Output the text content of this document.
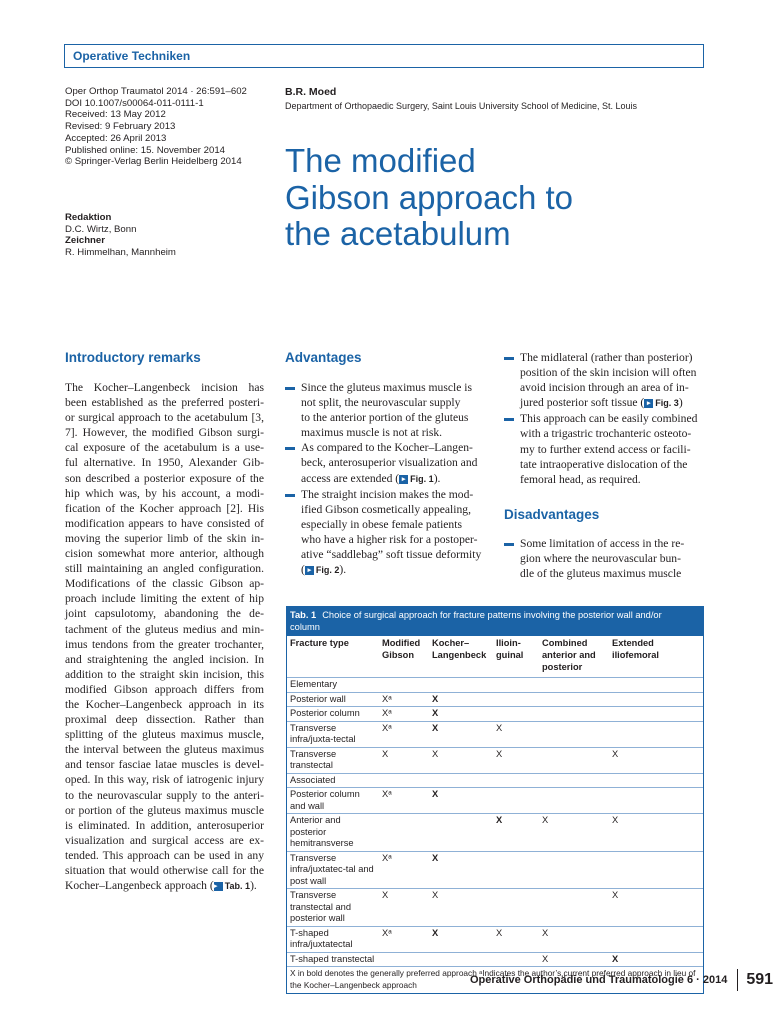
Operative Techniken
Oper Orthop Traumatol 2014 · 26:591–602
DOI 10.1007/s00064-011-0111-1
Received: 13 May 2012
Revised: 9 February 2013
Accepted: 26 April 2013
Published online: 15. November 2014
© Springer-Verlag Berlin Heidelberg 2014
Redaktion
D.C. Wirtz, Bonn
Zeichner
R. Himmelhan, Mannheim
B.R. Moed
Department of Orthopaedic Surgery, Saint Louis University School of Medicine, St. Louis
The modified
Gibson approach to
the acetabulum
Introductory remarks
The Kocher–Langenbeck incision has
been established as the preferred posteri-
or surgical approach to the acetabulum [3,
7]. However, the modified Gibson surgi-
cal exposure of the acetabulum is a use-
ful alternative. In 1950, Alexander Gib-
son described a posterior exposure of the
hip which was, by his account, a modi-
fication of the Kocher approach [2]. His
modification appears to have consisted of
moving the superior limb of the skin in-
cision somewhat more anterior, although
still maintaining an angled configuration.
Modifications of the classic Gibson ap-
proach include limiting the extent of hip
joint capsulotomy, abandoning the de-
tachment of the gluteus medius and min-
imus tendons from the greater trochanter,
and straightening the angled incision. In
addition to the straight skin incision, this
modified Gibson approach differs from
the Kocher–Langenbeck approach in its
proximal deep dissection. Rather than
splitting of the gluteus maximus muscle,
the interval between the gluteus maximus
and tensor fasciae latae muscles is devel-
oped. In this way, risk of iatrogenic injury
to the neurovascular supply to the anteri-
or portion of the gluteus maximus muscle
is eliminated. In addition, anterosuperior
visualization and surgical access are ex-
tended. This approach can be used in any
situation that would otherwise call for the
Kocher–Langenbeck approach (▸ Tab. 1).
Advantages
Since the gluteus maximus muscle is
not split, the neurovascular supply
to the anterior portion of the gluteus
maximus muscle is not at risk.
As compared to the Kocher–Langen-
beck, anterosuperior visualization and
access are extended ( ▸ Fig. 1).
The straight incision makes the mod-
ified Gibson cosmetically appealing,
especially in obese female patients
who have a higher risk for a postoper-
ative “saddlebag” soft tissue deformity
( ▸ Fig. 2).
The midlateral (rather than posterior)
position of the skin incision will often
avoid incision through an area of in-
jured posterior soft tissue ( ▸ Fig. 3)
This approach can be easily combined
with a trigastric trochanteric osteoto-
my to further extend access or facili-
tate intraoperative dislocation of the
femoral head, as required.
Disadvantages
Some limitation of access in the re-
gion where the neurovascular bun-
dle of the gluteus maximus muscle
Tab. 1 Choice of surgical approach for fracture patterns involving the posterior wall and/or
column
Fracture type	Modified Gibson	Kocher–Langenbeck	Ilioin-guinal	Combined anterior and posterior	Extended iliofemoral
Elementary					
Posterior wall	Xᵃ	X			
Posterior column	Xᵃ	X			
Transverse infra/juxta-tectal	Xᵃ	X	X		
Transverse transtectal	X	X	X		X
Associated					
Posterior column and wall	Xᵃ	X			
Anterior and posterior hemitransverse			X	X	X
Transverse infra/juxtatec-tal and post wall	Xᵃ	X			
Transverse transtectal and posterior wall	X	X			X
T-shaped infra/juxtatectal	Xᵃ	X	X	X	
T-shaped transtectal				X	X
X in bold denotes the generally preferred approach ᵃIndicates the author’s current preferred approach in lieu of
the Kocher–Langenbeck approach	Operative Orthopädie und Traumatologie 6 · 2014 591
